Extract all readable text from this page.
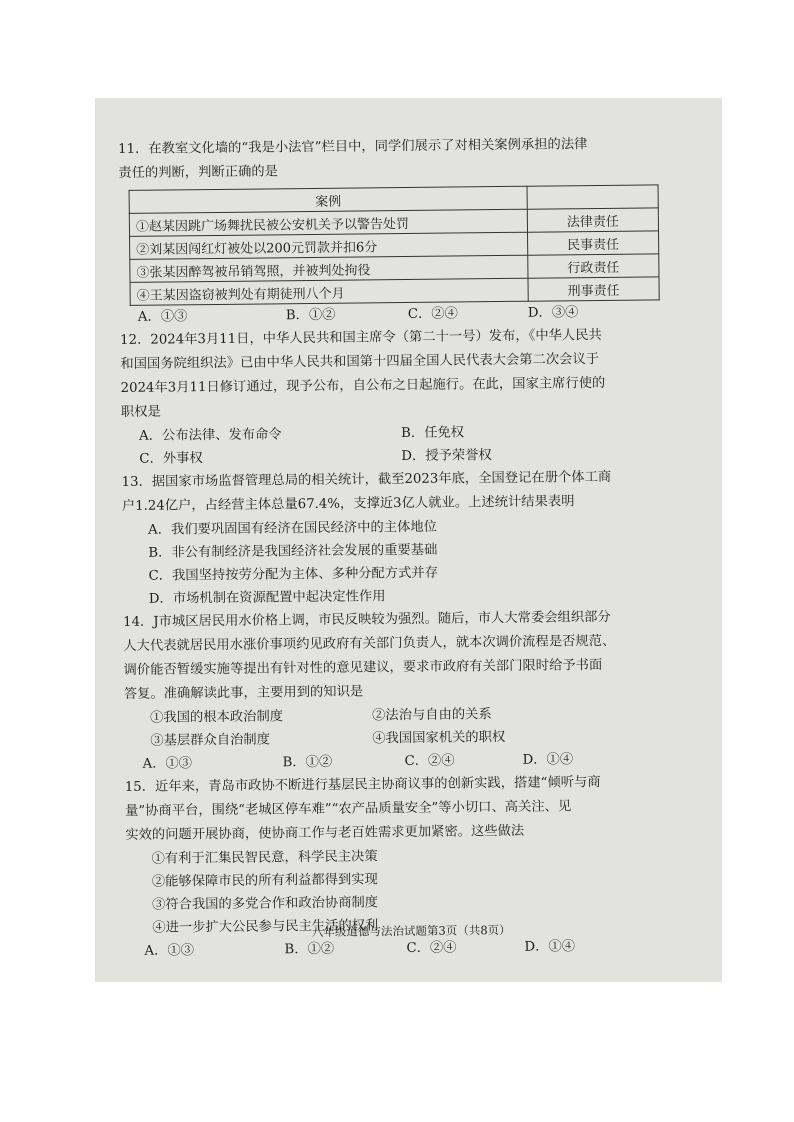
11．在教室文化墙的“我是小法官”栏目中，同学们展示了对相关案例承担的法律

责任的判断，判断正确的是

案例	
①赵某因跳广场舞扰民被公安机关予以警告处罚	法律责任
②刘某因闯红灯被处以200元罚款并扣6分	民事责任
③张某因醉驾被吊销驾照，并被判处拘役	行政责任
④王某因盗窃被判处有期徒刑八个月	刑事责任
A．①③	B．①②	C．②④	D．③④

12．2024年3月11日，中华人民共和国主席令（第二十一号）发布，《中华人民共

和国国务院组织法》已由中华人民共和国第十四届全国人民代表大会第二次会议于

2024年3月11日修订通过，现予公布，自公布之日起施行。在此，国家主席行使的

职权是

A．公布法律、发布命令	B．任免权
C．外事权	D．授予荣誉权

13．据国家市场监督管理总局的相关统计，截至2023年底，全国登记在册个体工商

户1.24亿户，占经营主体总量67.4%，支撑近3亿人就业。上述统计结果表明

A．我们要巩固国有经济在国民经济中的主体地位
B．非公有制经济是我国经济社会发展的重要基础
C．我国坚持按劳分配为主体、多种分配方式并存
D．市场机制在资源配置中起决定性作用

14．J市城区居民用水价格上调，市民反映较为强烈。随后，市人大常委会组织部分

人大代表就居民用水涨价事项约见政府有关部门负责人，就本次调价流程是否规范、

调价能否暂缓实施等提出有针对性的意见建议，要求市政府有关部门限时给予书面

答复。准确解读此事，主要用到的知识是

①我国的根本政治制度	②法治与自由的关系
③基层群众自治制度	④我国国家机关的职权
A．①③	B．①②	C．②④	D．①④

15．近年来，青岛市政协不断进行基层民主协商议事的创新实践，搭建“倾听与商

量”协商平台，围绕“老城区停车难”“农产品质量安全”等小切口、高关注、见

实效的问题开展协商，使协商工作与老百姓需求更加紧密。这些做法

①有利于汇集民智民意，科学民主决策
②能够保障市民的所有利益都得到实现
③符合我国的多党合作和政治协商制度
④进一步扩大公民参与民主生活的权利
A．①③	B．①②	C．②④	D．①④
八年级道德与法治试题第3页（共8页）
